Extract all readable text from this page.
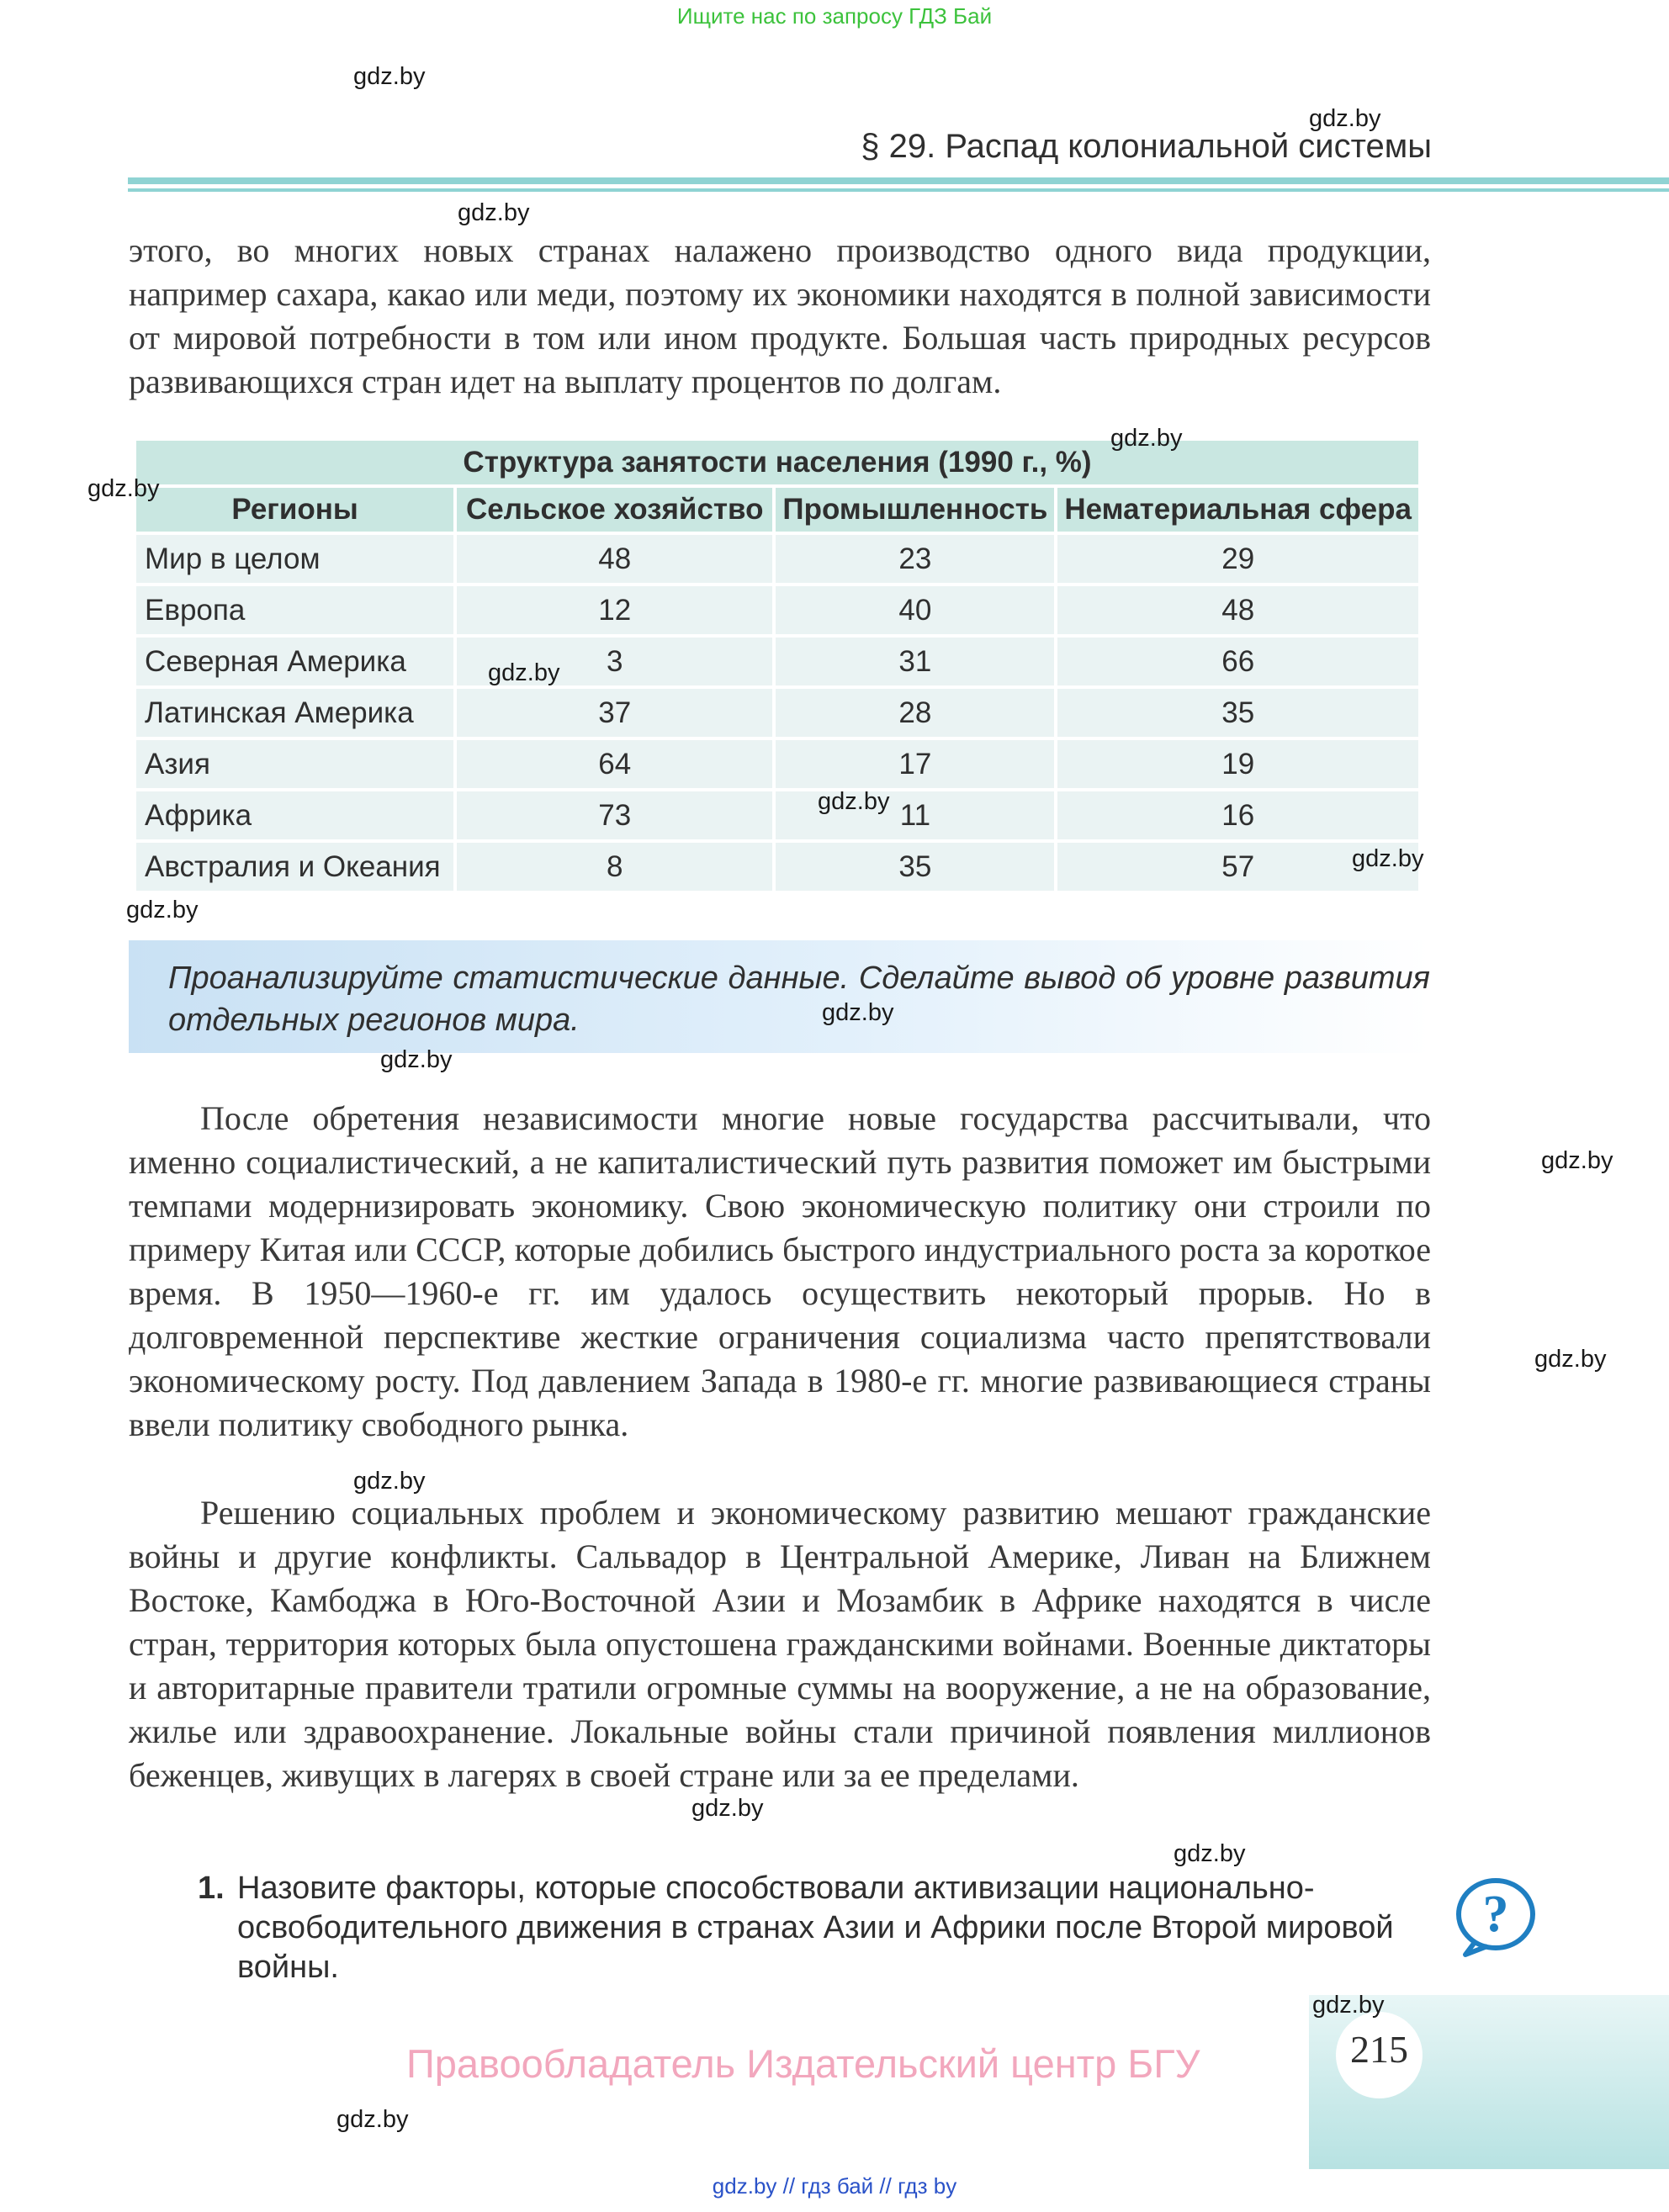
Ищите нас по запросу ГДЗ Бай
§ 29. Распад колониальной системы

этого, во многих новых странах налажено производство одного вида продукции, например сахара, какао или меди, поэтому их экономики находятся в полной зависимости от мировой потребности в том или ином продукте. Большая часть природных ресурсов развивающихся стран идет на выплату процентов по долгам.

Структура занятости населения (1990 г., %)			
Регионы	Сельское хозяйство	Промышленность	Нематериальная сфера
Мир в целом	48	23	29
Европа	12	40	48
Северная Америка	3	31	66
Латинская Америка	37	28	35
Азия	64	17	19
Африка	73	11	16
Австралия и Океания	8	35	57
Проанализируйте статистические данные. Сделайте вывод об уровне развития отдельных регионов мира.

После обретения независимости многие новые государства рассчитывали, что именно социалистический, а не капиталистический путь развития поможет им быстрыми темпами модернизировать экономику. Свою экономическую политику они строили по примеру Китая или СССР, которые добились быстрого индустриального роста за короткое время. В 1950—1960-е гг. им удалось осуществить некоторый прорыв. Но в долговременной перспективе жесткие ограничения социализма часто препятствовали экономическому росту. Под давлением Запада в 1980-е гг. многие развивающиеся страны ввели политику свободного рынка.

Решению социальных проблем и экономическому развитию мешают гражданские войны и другие конфликты. Сальвадор в Центральной Америке, Ливан на Ближнем Востоке, Камбоджа в Юго-Восточной Азии и Мозамбик в Африке находятся в числе стран, территория которых была опустошена гражданскими войнами. Военные диктаторы и авторитарные правители тратили огромные суммы на вооружение, а не на образование, жилье или здравоохранение. Локальные войны стали причиной появления миллионов беженцев, живущих в лагерях в своей стране или за ее пределами.

1. Назовите факторы, которые способствовали активизации национально-освободительного движения в странах Азии и Африки после Второй мировой войны.
?
215
Правообладатель Издательский центр БГУ
gdz.by
gdz.by
gdz.by
gdz.by
gdz.by
gdz.by
gdz.by
gdz.by
gdz.by
gdz.by
gdz.by
gdz.by
gdz.by
gdz.by
gdz.by
gdz.by
gdz.by
gdz.by
gdz.by // гдз бай // гдз by
